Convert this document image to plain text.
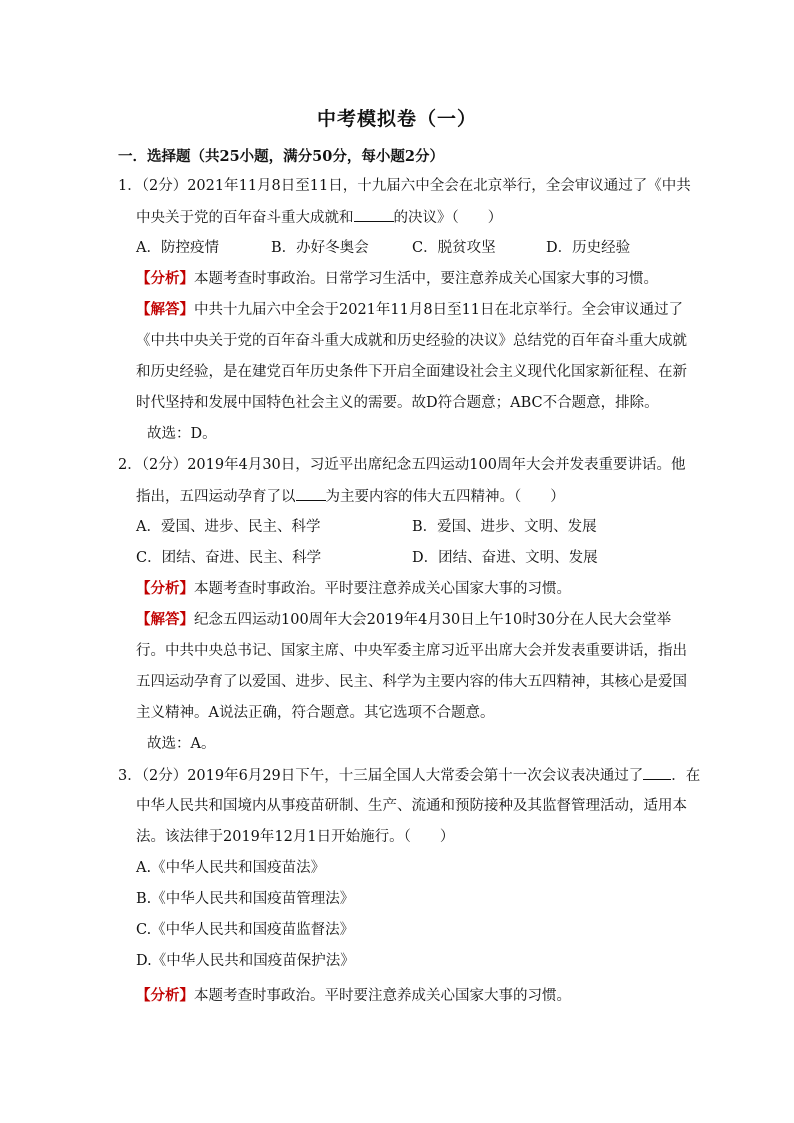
中考模拟卷（一）
一．选择题（共25小题，满分50分，每小题2分）
1．（2分）2021年11月8日至11日，十九届六中全会在北京举行，全会审议通过了《中共
中央关于党的百年奋斗重大成就和	的决议》（　　）
A．防控疫情	B．办好冬奥会	C．脱贫攻坚	D．历史经验
【分析】本题考查时事政治。日常学习生活中，要注意养成关心国家大事的习惯。
【解答】中共十九届六中全会于2021年11月8日至11日在北京举行。全会审议通过了
《中共中央关于党的百年奋斗重大成就和历史经验的决议》总结党的百年奋斗重大成就
和历史经验，是在建党百年历史条件下开启全面建设社会主义现代化国家新征程、在新
时代坚持和发展中国特色社会主义的需要。故D符合题意；ABC不合题意，排除。
故选：D。
2．（2分）2019年4月30日，习近平出席纪念五四运动100周年大会并发表重要讲话。他
指出，五四运动孕育了以 为主要内容的伟大五四精神。（　　）
A．爱国、进步、民主、科学	B．爱国、进步、文明、发展
C．团结、奋进、民主、科学	D．团结、奋进、文明、发展
【分析】本题考查时事政治。平时要注意养成关心国家大事的习惯。
【解答】纪念五四运动100周年大会2019年4月30日上午10时30分在人民大会堂举
行。中共中央总书记、国家主席、中央军委主席习近平出席大会并发表重要讲话，指出
五四运动孕育了以爱国、进步、民主、科学为主要内容的伟大五四精神，其核心是爱国
主义精神。A说法正确，符合题意。其它选项不合题意。
故选：A。
3．（2分）2019年6月29日下午，十三届全国人大常委会第十一次会议表决通过了 ．在
中华人民共和国境内从事疫苗研制、生产、流通和预防接种及其监督管理活动，适用本
法。该法律于2019年12月1日开始施行。（　　）
A.《中华人民共和国疫苗法》
B.《中华人民共和国疫苗管理法》
C.《中华人民共和国疫苗监督法》
D.《中华人民共和国疫苗保护法》
【分析】本题考查时事政治。平时要注意养成关心国家大事的习惯。
